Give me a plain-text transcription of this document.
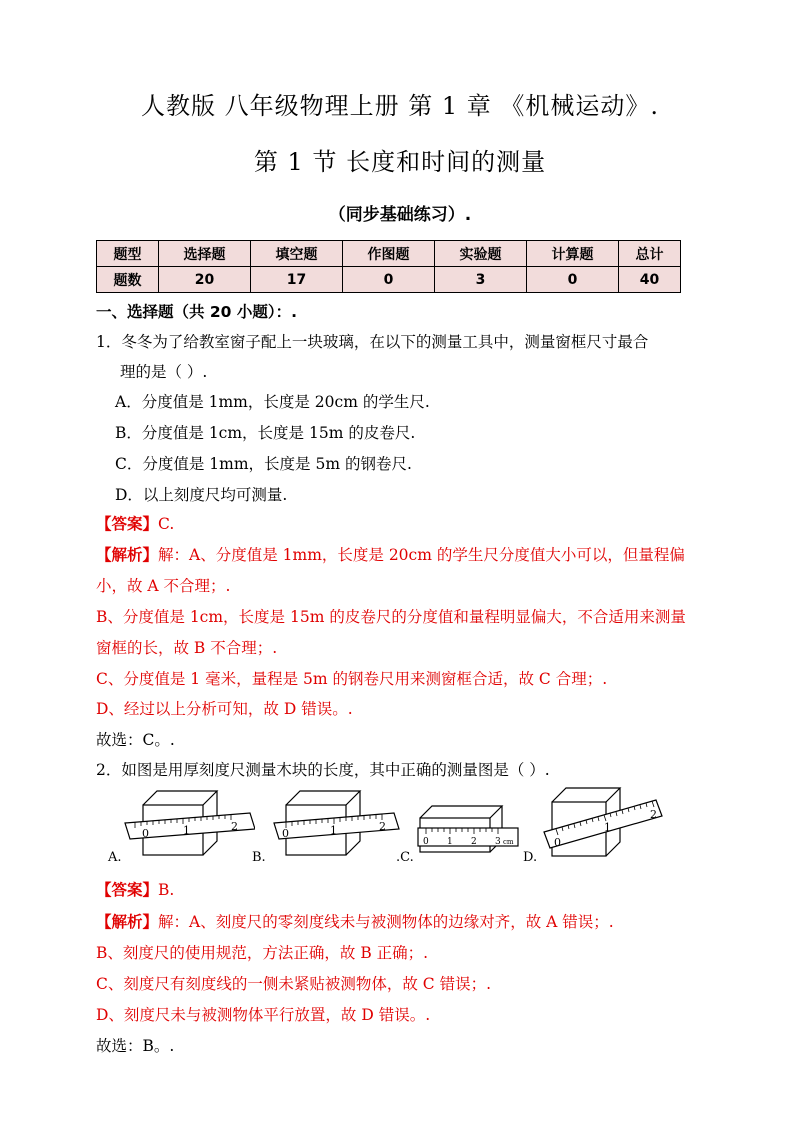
人教版 八年级物理上册 第 1 章 《机械运动》.
第 1 节 长度和时间的测量
（同步基础练习）.
题型	选择题	填空题	作图题	实验题	计算题	总计
题数	20	17	0	3	0	40
一、选择题（共 20 小题）：.
1．冬冬为了给教室窗子配上一块玻璃，在以下的测量工具中，测量窗框尺寸最合
理的是（ ）.
A．分度值是 1mm，长度是 20cm 的学生尺.
B．分度值是 1cm，长度是 15m 的皮卷尺.
C．分度值是 1mm，长度是 5m 的钢卷尺.
D．以上刻度尺均可测量.
【答案】C.
【解析】解：A、分度值是 1mm，长度是 20cm 的学生尺分度值大小可以，但量程偏
小，故 A 不合理；.
B、分度值是 1cm，长度是 15m 的皮卷尺的分度值和量程明显偏大，不合适用来测量
窗框的长，故 B 不合理；.
C、分度值是 1 毫米，量程是 5m 的钢卷尺用来测窗框合适，故 C 合理；.
D、经过以上分析可知，故 D 错误。.
故选：C。.
2．如图是用厚刻度尺测量木块的长度，其中正确的测量图是（ ）.
0	1	2
A.
0	1	2
B.
0 1 2 3 cm
.C.
0
1
2
D.
【答案】B.
【解析】解：A、刻度尺的零刻度线未与被测物体的边缘对齐，故 A 错误；.
B、刻度尺的使用规范，方法正确，故 B 正确；.
C、刻度尺有刻度线的一侧未紧贴被测物体，故 C 错误；.
D、刻度尺未与被测物体平行放置，故 D 错误。.
故选：B。.
